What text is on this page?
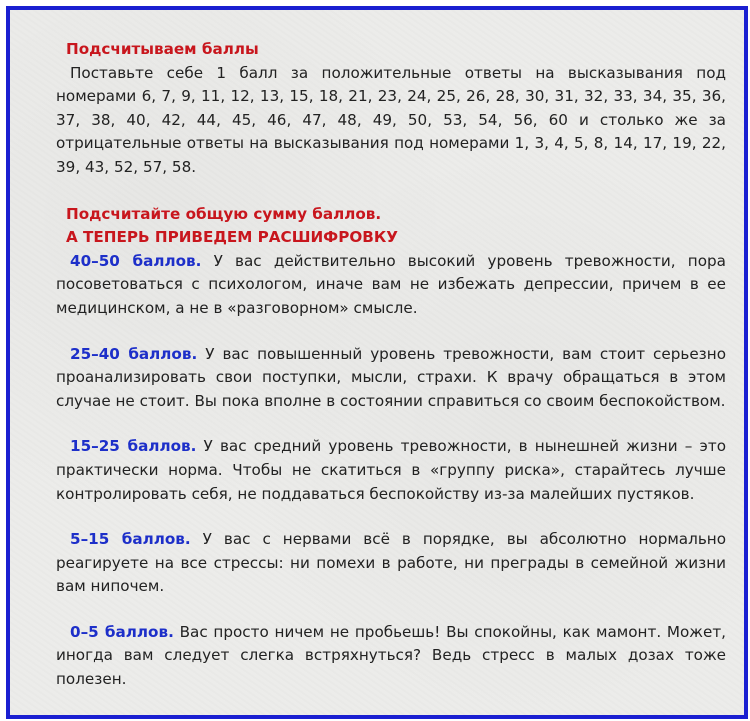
Подсчитываем баллы

Поставьте себе 1 балл за положительные ответы на высказывания под номерами 6, 7, 9, 11, 12, 13, 15, 18, 21, 23, 24, 25, 26, 28, 30, 31, 32, 33, 34, 35, 36, 37, 38, 40, 42, 44, 45, 46, 47, 48, 49, 50, 53, 54, 56, 60 и столько же за отрицательные ответы на высказывания под номерами 1, 3, 4, 5, 8, 14, 17, 19, 22, 39, 43, 52, 57, 58.

Подсчитайте общую сумму баллов.

А ТЕПЕРЬ ПРИВЕДЕМ РАСШИФРОВКУ

40–50 баллов. У вас действительно высокий уровень тревожности, пора посоветоваться с психологом, иначе вам не избежать депрессии, причем в ее медицинском, а не в «разговорном» смысле.

25–40 баллов. У вас повышенный уровень тревожности, вам стоит серьезно проанализировать свои поступки, мысли, страхи. К врачу обращаться в этом случае не стоит. Вы пока вполне в состоянии справиться со своим беспокойством.

15–25 баллов. У вас средний уровень тревожности, в нынешней жизни – это практически норма. Чтобы не скатиться в «группу риска», старайтесь лучше контролировать себя, не поддаваться беспокойству из-за малейших пустяков.

5–15 баллов. У вас с нервами всё в порядке, вы абсолютно нормально реагируете на все стрессы: ни помехи в работе, ни преграды в семейной жизни вам нипочем.

0–5 баллов. Вас просто ничем не пробьешь! Вы спокойны, как мамонт. Может, иногда вам следует слегка встряхнуться? Ведь стресс в малых дозах тоже полезен.
